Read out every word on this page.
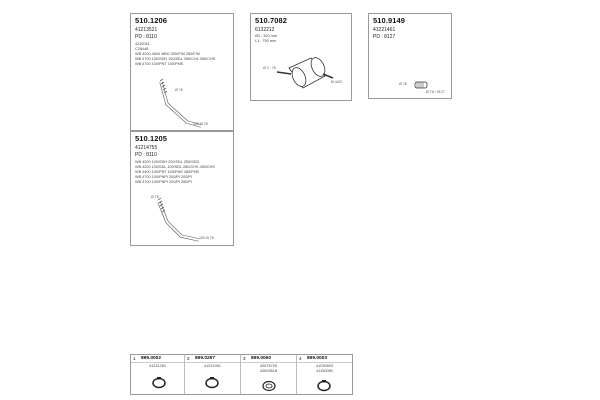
510.1206
41213521
PD : 8110
4230041
C28448
WB 4200 4600 4800 300/P/M 260/F/M
WB 4700 100/SDH 100/SDL 280/CHL 280/CHS
WB 4700 100/PNT 100/PMS
Ø 76
100 Ø 76
510.7082
6132212
Ø2 : 320 mm
L1 : 750 mm
Ø 2 : 76
Ø 44/2
510.9149
41221461
PD : 8127
Ø 76
Ø 76 / 9127
510.1205
41214755
PD : 8110
WB 4200 100/SDH 200/SDL 250/SDD
WB 4200 100/SDL 100/SDL 280/CHS 280/CHS
WB 4400 100/PNT 100/PNS 280/PNS
WB 4700 100/PNPI 200/PI 200/PI
WB 4700 100/PNPI 200/PI 280/PI
Ø 76
100 Ø 76
1 899.0002
41231261
2 899.0297
41221451
3 899.0060
42675729
42603518
4 899.0003
41030803
41150050
